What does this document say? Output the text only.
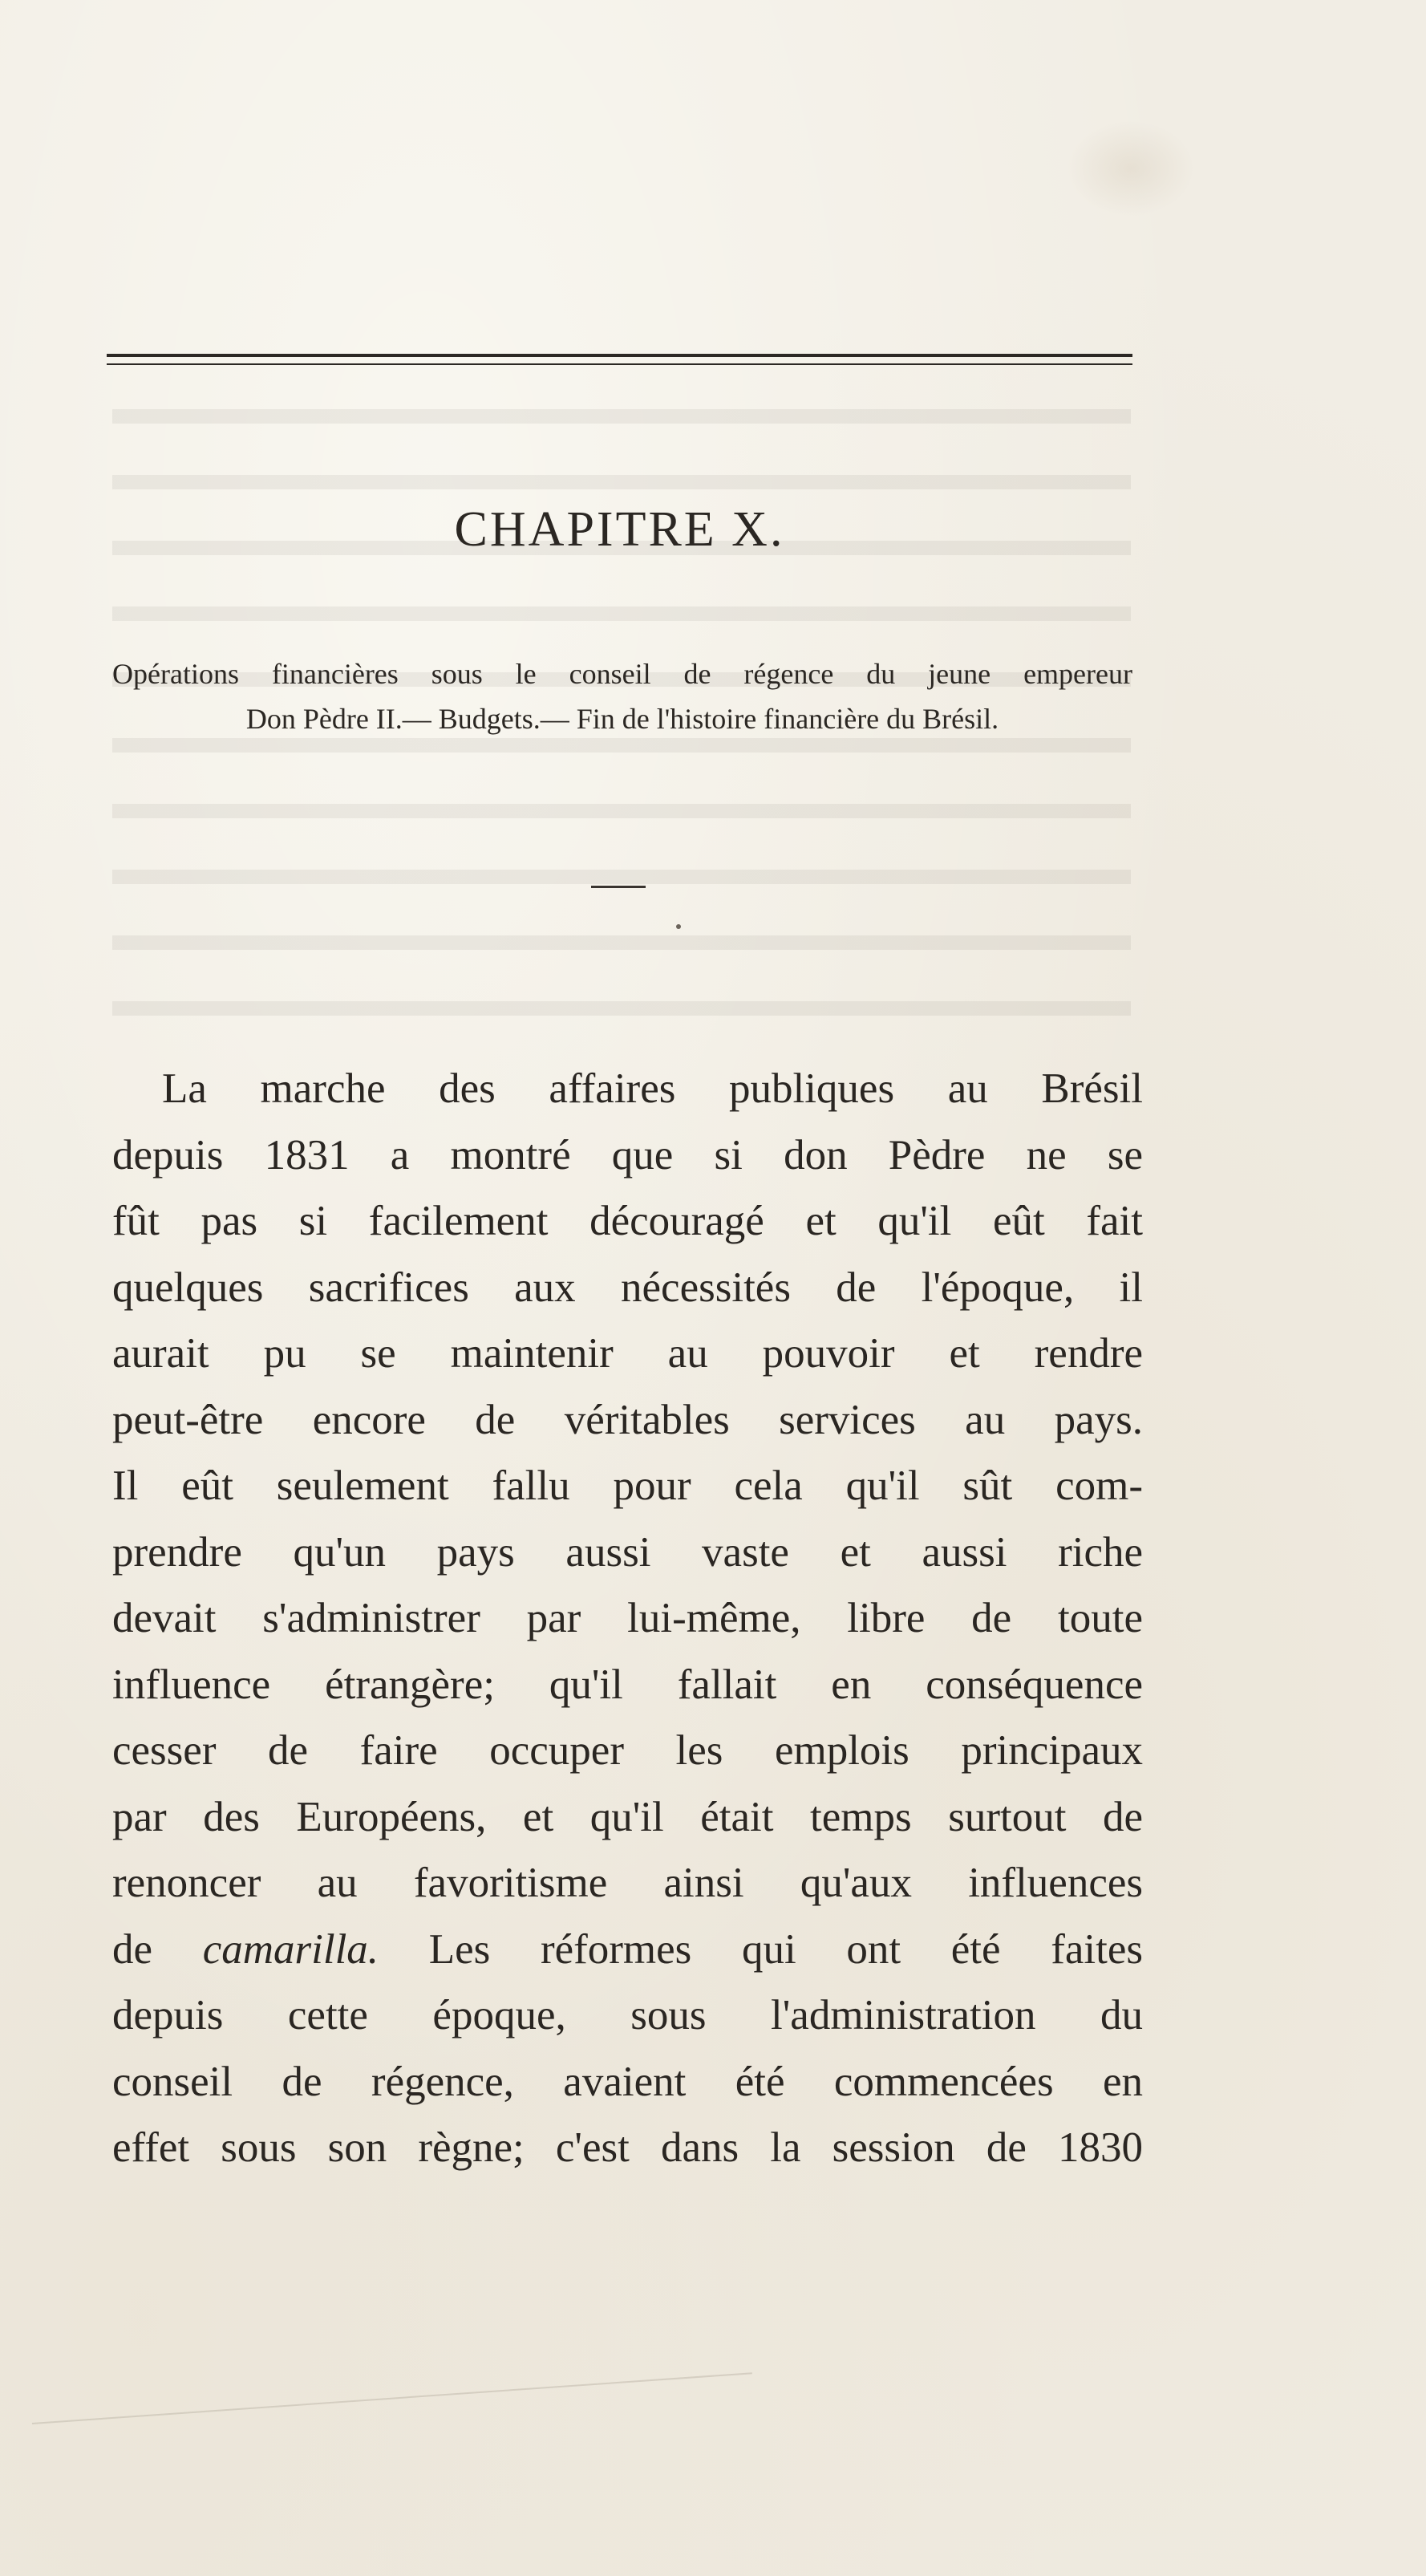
CHAPITRE X.
Opérations financières sous le conseil de régence du jeune empereur
Don Pèdre II.— Budgets.— Fin de l'histoire financière du Brésil.
La marche des affaires publiques au Brésil
depuis 1831 a montré que si don Pèdre ne se
fût pas si facilement découragé et qu'il eût fait
quelques sacrifices aux nécessités de l'époque, il
aurait pu se maintenir au pouvoir et rendre
peut-être encore de véritables services au pays.
Il eût seulement fallu pour cela qu'il sût com-
prendre qu'un pays aussi vaste et aussi riche
devait s'administrer par lui-même, libre de toute
influence étrangère; qu'il fallait en conséquence
cesser de faire occuper les emplois principaux
par des Européens, et qu'il était temps surtout de
renoncer au favoritisme ainsi qu'aux influences
de camarilla. Les réformes qui ont été faites
depuis cette époque, sous l'administration du
conseil de régence, avaient été commencées en
effet sous son règne; c'est dans la session de 1830
